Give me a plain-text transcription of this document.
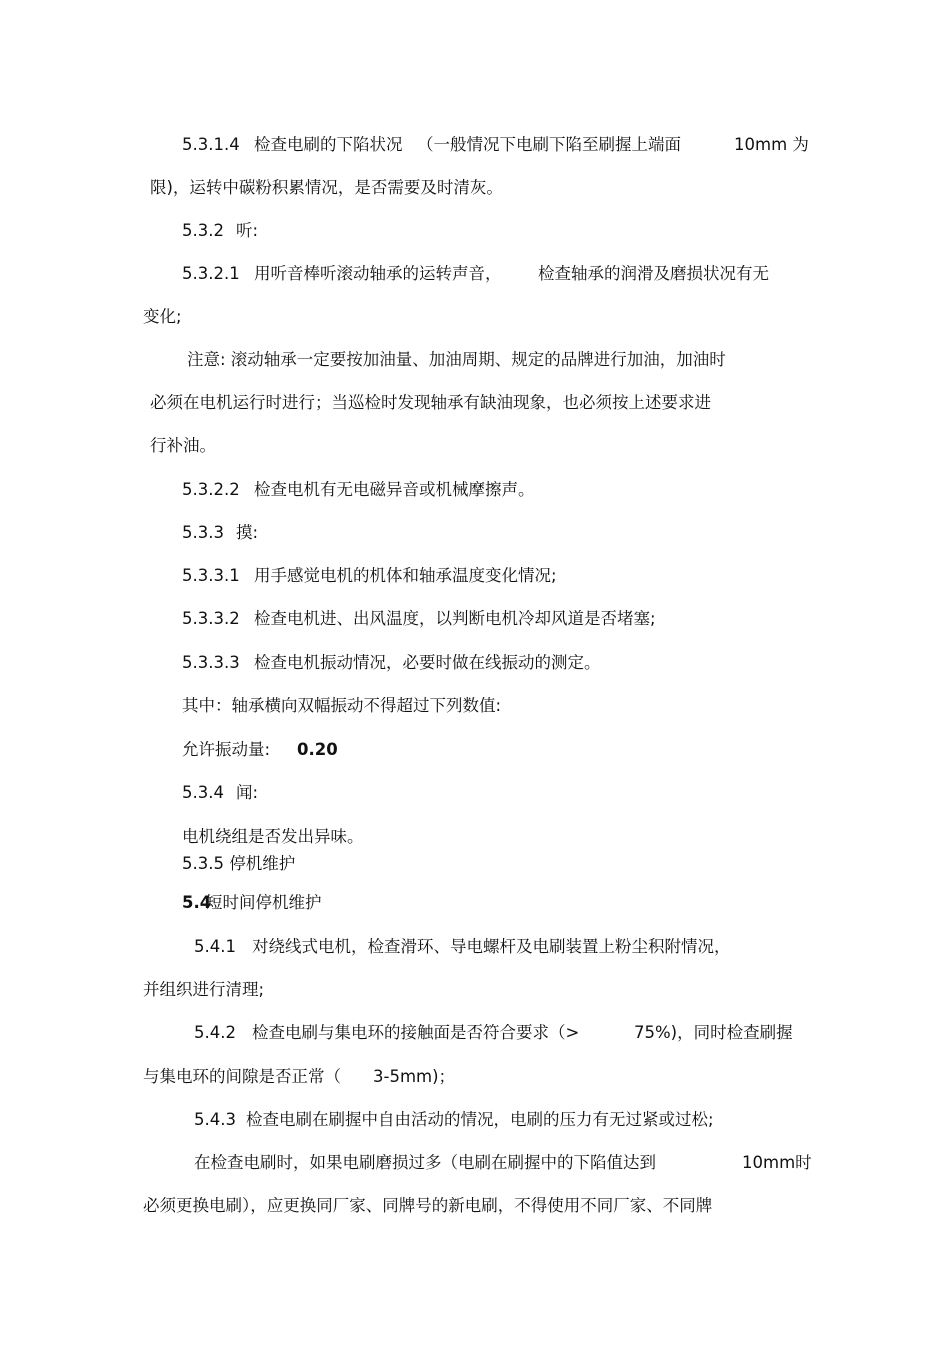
5.3.1.4 检查电刷的下陷状况 （一般情况下电刷下陷至刷握上端面	10mm 为
限)，运转中碳粉积累情况，是否需要及时清灰。
5.3.2 听:
5.3.2.1 用听音棒听滚动轴承的运转声音， 检查轴承的润滑及磨损状况有无
变化;
注意: 滚动轴承一定要按加油量、加油周期、规定的品牌进行加油，加油时
必须在电机运行时进行；当巡检时发现轴承有缺油现象，也必须按上述要求进
行补油。
5.3.2.2 检查电机有无电磁异音或机械摩擦声。
5.3.3 摸:
5.3.3.1 用手感觉电机的机体和轴承温度变化情况;
5.3.3.2 检查电机进、出风温度，以判断电机冷却风道是否堵塞;
5.3.3.3 检查电机振动情况，必要时做在线振动的测定。
其中：轴承横向双幅振动不得超过下列数值:
允许振动量: 0.20
5.3.4 闻:
电机绕组是否发出异味。
5.3.5 停机维护
5.4
短时间停机维护
5.4.1 对绕线式电机，检查滑环、导电螺杆及电刷装置上粉尘积附情况，
并组织进行清理;
5.4.2 检查电刷与集电环的接触面是否符合要求（>	75%)，同时检查刷握
与集电环的间隙是否正常（ 3-5mm)；
5.4.3 检查电刷在刷握中自由活动的情况，电刷的压力有无过紧或过松;
在检查电刷时，如果电刷磨损过多（电刷在刷握中的下陷值达到	10mm时
必须更换电刷），应更换同厂家、同牌号的新电刷，不得使用不同厂家、不同牌
